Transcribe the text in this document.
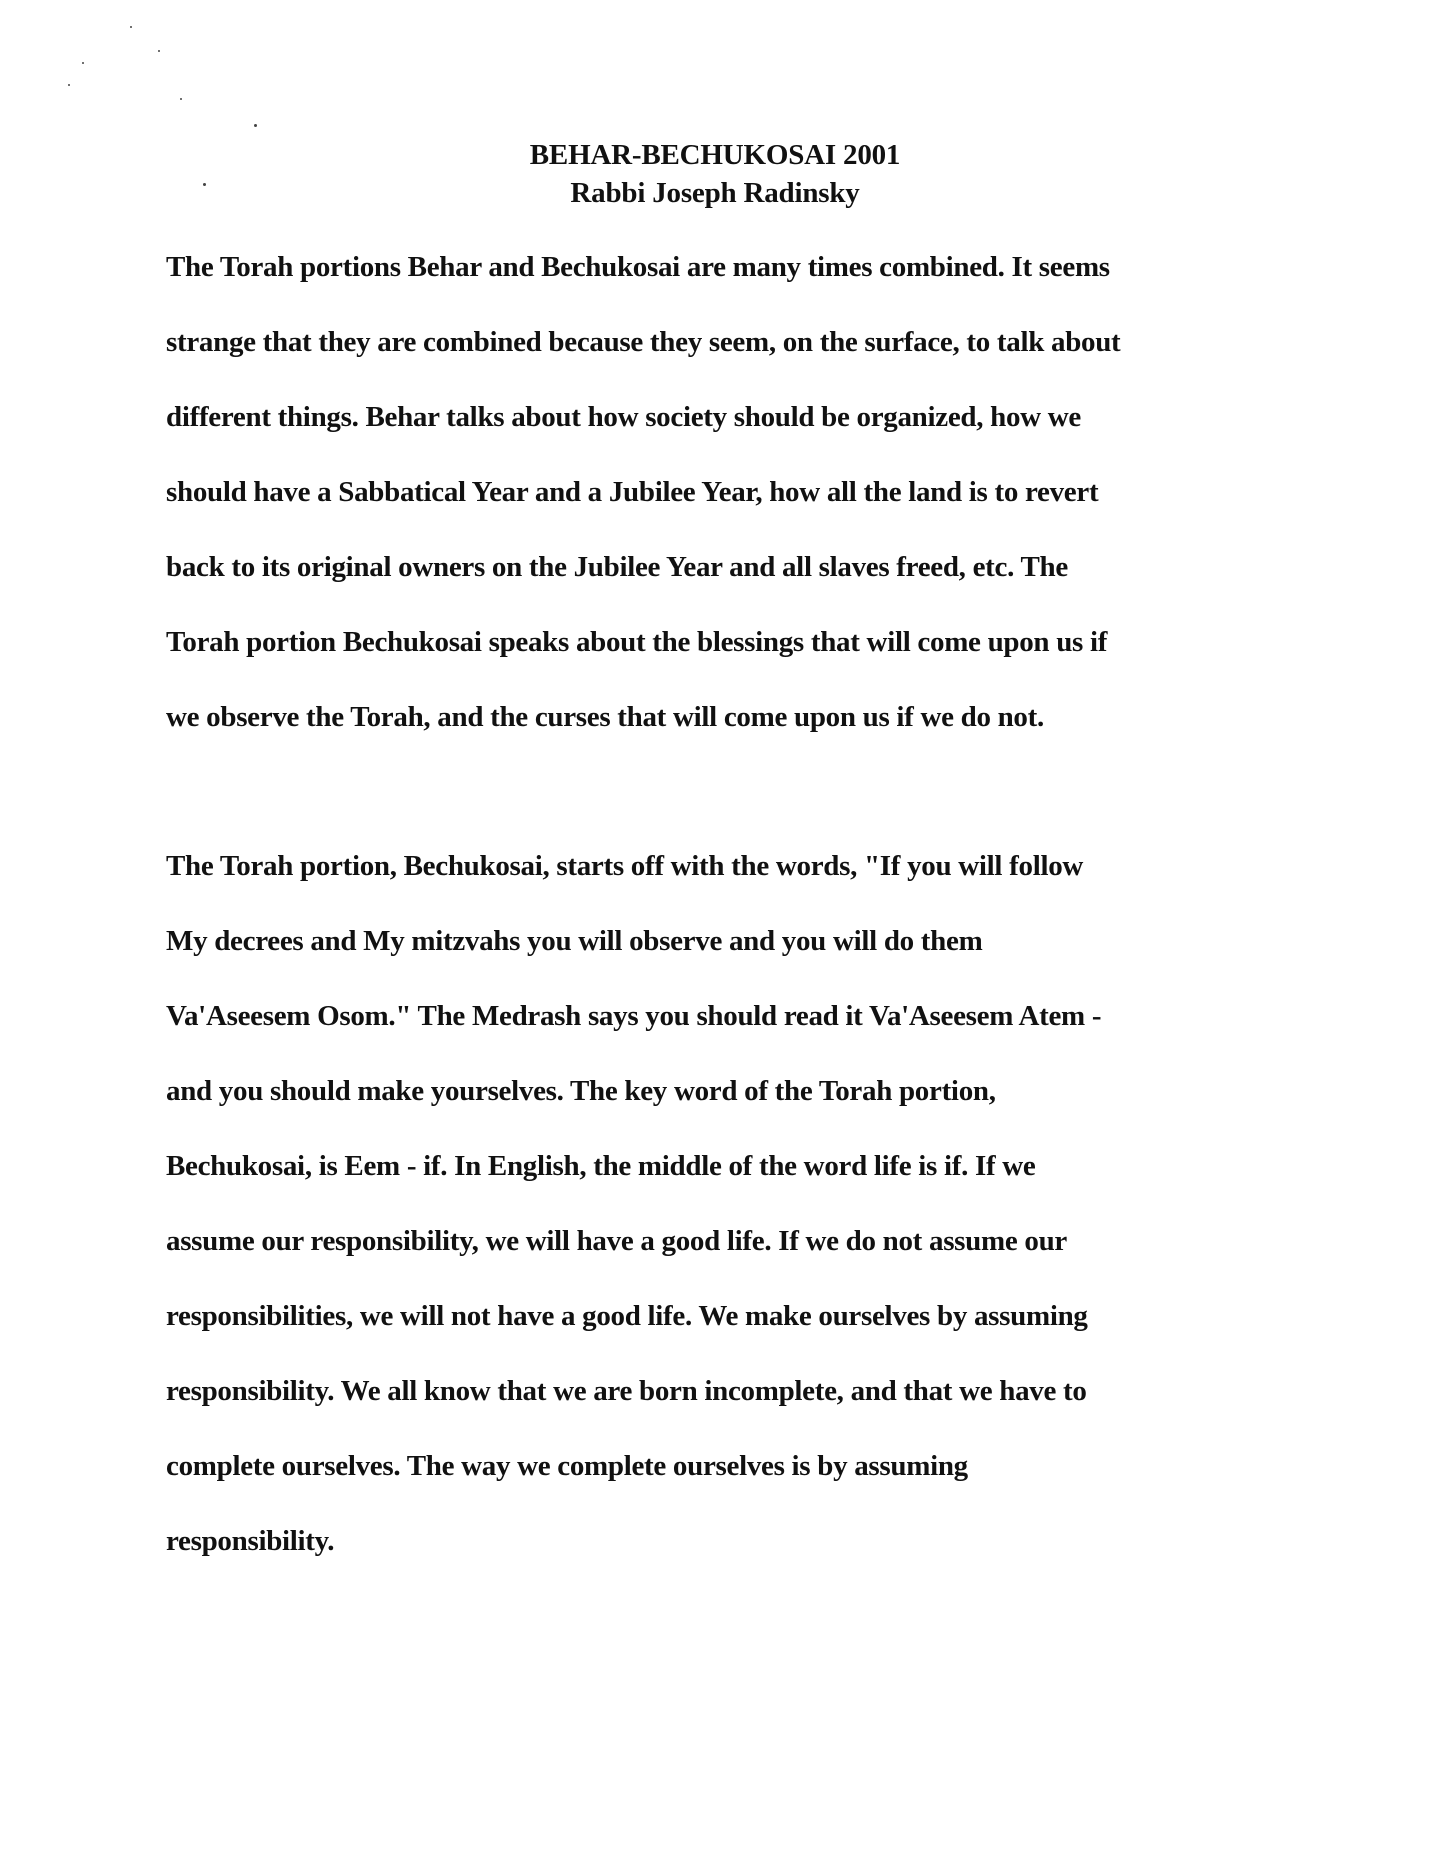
BEHAR-BECHUKOSAI 2001
Rabbi Joseph Radinsky
The Torah portions Behar and Bechukosai are many times combined. It seems
strange that they are combined because they seem, on the surface, to talk about
different things. Behar talks about how society should be organized, how we
should have a Sabbatical Year and a Jubilee Year, how all the land is to revert
back to its original owners on the Jubilee Year and all slaves freed, etc. The
Torah portion Bechukosai speaks about the blessings that will come upon us if
we observe the Torah, and the curses that will come upon us if we do not.
The Torah portion, Bechukosai, starts off with the words, "If you will follow
My decrees and My mitzvahs you will observe and you will do them
Va'Aseesem Osom." The Medrash says you should read it Va'Aseesem Atem -
and you should make yourselves. The key word of the Torah portion,
Bechukosai, is Eem - if. In English, the middle of the word life is if. If we
assume our responsibility, we will have a good life. If we do not assume our
responsibilities, we will not have a good life. We make ourselves by assuming
responsibility. We all know that we are born incomplete, and that we have to
complete ourselves. The way we complete ourselves is by assuming
responsibility.
